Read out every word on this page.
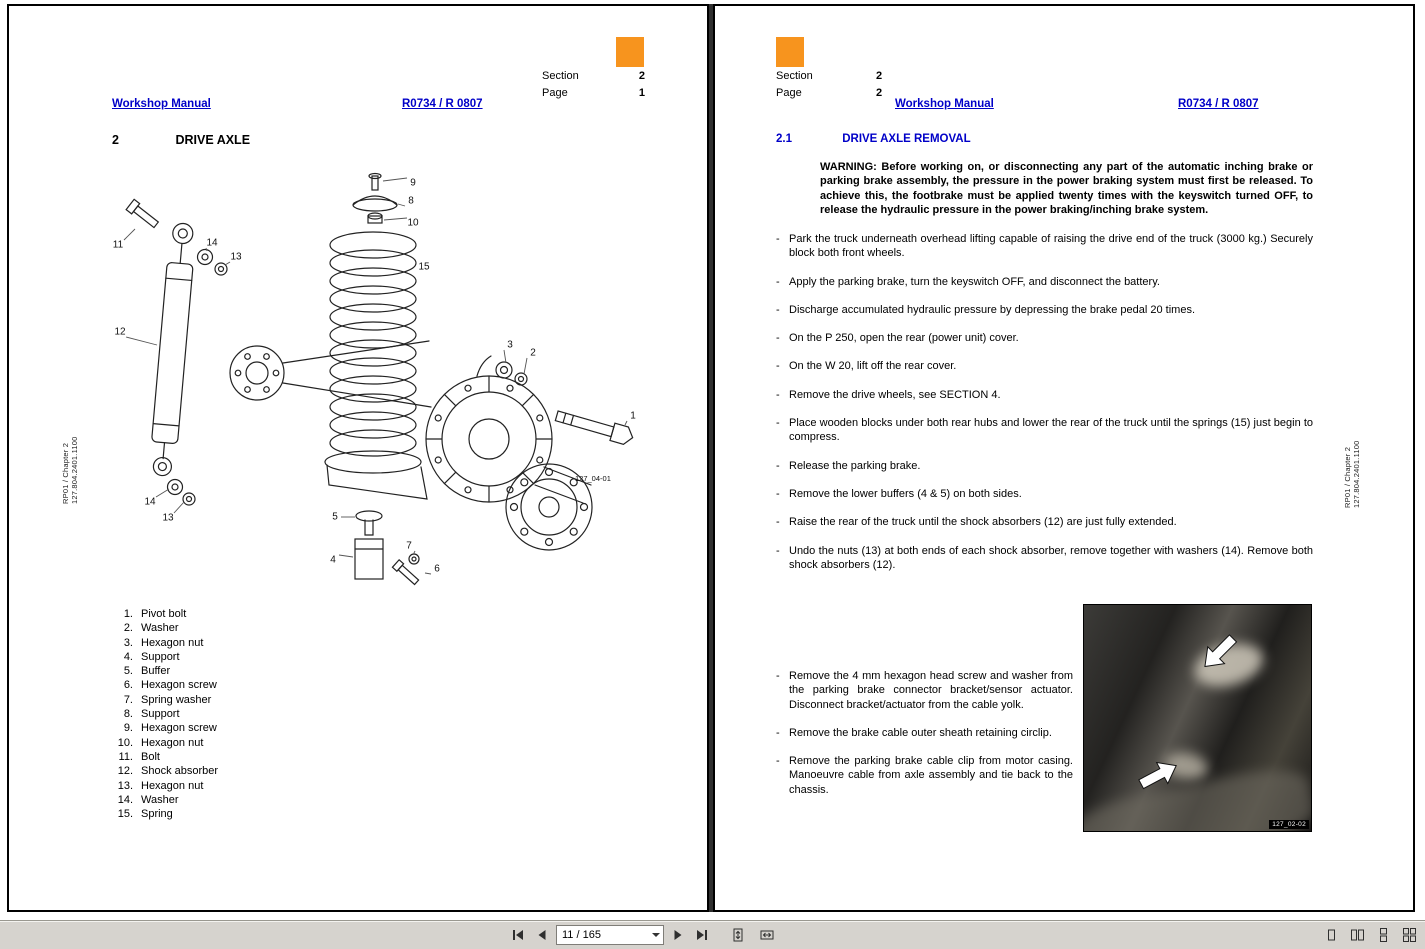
Section	2
Page	1
Workshop Manual	R0734 / R 0807
2	DRIVE AXLE
RP01 / Chapter 2 127.804.2401.1100
9
8
10
15
11	14
13
12
3
2
1
14
13	5
4
7
6
127_04-01
1. Pivot bolt
2. Washer
3. Hexagon nut
4. Support
5. Buffer
6. Hexagon screw
7. Spring washer
8. Support
9. Hexagon screw
10. Hexagon nut
11. Bolt
12. Shock absorber
13. Hexagon nut
14. Washer
15. Spring
Section	2
Page	2
Workshop Manual	R0734 / R 0807
2.1	DRIVE AXLE REMOVAL

WARNING: Before working on, or disconnecting any part of the automatic inching brake or parking brake assembly, the pressure in the power braking system must first be released. To achieve this, the footbrake must be applied twenty times with the keyswitch turned OFF, to release the hydraulic pressure in the power braking/inching brake system.

- Park the truck underneath overhead lifting capable of raising the drive end of the truck (3000 kg.) Securely block both front wheels.
- Apply the parking brake, turn the keyswitch OFF, and disconnect the battery.
- Discharge accumulated hydraulic pressure by depressing the brake pedal 20 times.
- On the P 250, open the rear (power unit) cover.
- On the W 20, lift off the rear cover.
- Remove the drive wheels, see SECTION 4.
- Place wooden blocks under both rear hubs and lower the rear of the truck until the springs (15) just begin to compress.
- Release the parking brake.
- Remove the lower buffers (4 & 5) on both sides.
- Raise the rear of the truck until the shock absorbers (12) are just fully extended.
- Undo the nuts (13) at both ends of each shock absorber, remove together with washers (14). Remove both shock absorbers (12).
- Remove the 4 mm hexagon head screw and washer from the parking brake connector bracket/sensor actuator. Disconnect bracket/actuator from the cable yolk.
- Remove the brake cable outer sheath retaining circlip.
- Remove the parking brake cable clip from motor casing. Manoeuvre cable from axle assembly and tie back to the chassis.
127_02-02
RP01 / Chapter 2 127.804.2401.1100
11 / 165
